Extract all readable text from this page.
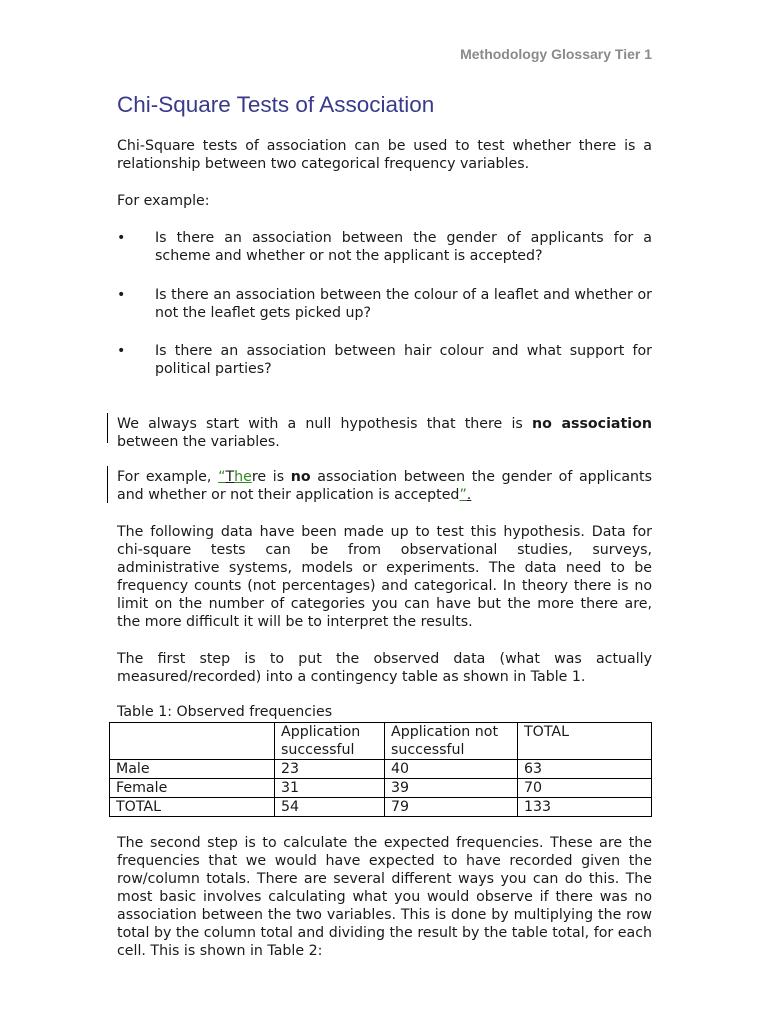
Methodology Glossary Tier 1
Chi-Square Tests of Association

Chi-Square tests of association can be used to test whether there is a relationship between two categorical frequency variables.

For example:

• Is there an association between the gender of applicants for a scheme and whether or not the applicant is accepted?
• Is there an association between the colour of a leaflet and whether or not the leaflet gets picked up?
• Is there an association between hair colour and what support for political parties?

We always start with a null hypothesis that there is no association between the variables.

For example, “There is no association between the gender of applicants and whether or not their application is accepted”.

The following data have been made up to test this hypothesis. Data for chi-square tests can be from observational studies, surveys, administrative systems, models or experiments. The data need to be frequency counts (not percentages) and categorical. In theory there is no limit on the number of categories you can have but the more there are, the more difficult it will be to interpret the results.

The first step is to put the observed data (what was actually measured/recorded) into a contingency table as shown in Table 1.

Table 1: Observed frequencies
	Application successful	Application not successful	TOTAL
Male	23	40	63
Female	31	39	70
TOTAL	54	79	133

The second step is to calculate the expected frequencies. These are the frequencies that we would have expected to have recorded given the row/column totals. There are several different ways you can do this. The most basic involves calculating what you would observe if there was no association between the two variables. This is done by multiplying the row total by the column total and dividing the result by the table total, for each cell. This is shown in Table 2:
